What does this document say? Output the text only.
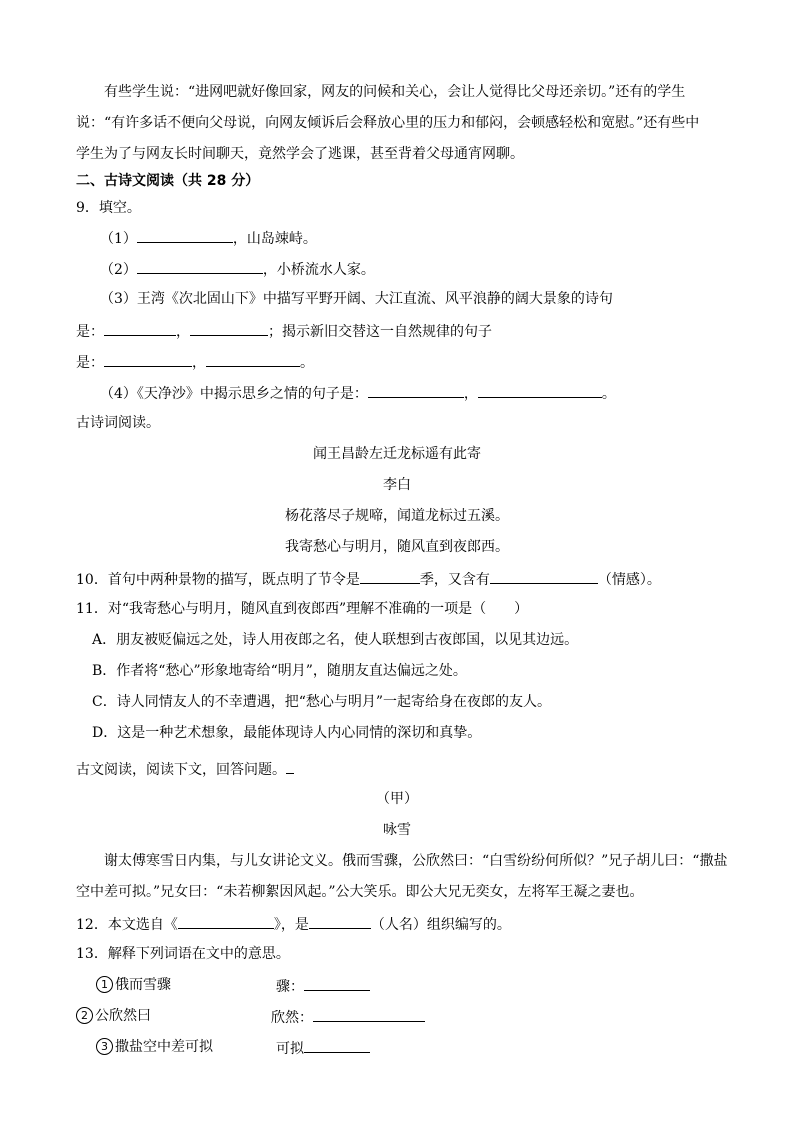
有些学生说：“进网吧就好像回家，网友的问候和关心，会让人觉得比父母还亲切。”还有的学生
说：“有许多话不便向父母说，向网友倾诉后会释放心里的压力和郁闷，会顿感轻松和宽慰。”还有些中
学生为了与网友长时间聊天，竟然学会了逃课，甚至背着父母通宵网聊。
二、古诗文阅读（共 28 分）
9．填空。
（1）	，山岛竦峙。
（2）	，小桥流水人家。
（3）王湾《次北固山下》中描写平野开阔、大江直流、风平浪静的阔大景象的诗句
是：	，	；揭示新旧交替这一自然规律的句子
是：	，	。
（4）《天净沙》中揭示思乡之情的句子是：	，	。
古诗词阅读。
闻王昌龄左迁龙标遥有此寄
李白
杨花落尽子规啼，闻道龙标过五溪。
我寄愁心与明月，随风直到夜郎西。
10．首句中两种景物的描写，既点明了节令是	季，又含有	（情感）。
11．对“我寄愁心与明月，随风直到夜郎西”理解不准确的一项是（　　）
A．朋友被贬偏远之处，诗人用夜郎之名，使人联想到古夜郎国，以见其边远。
B．作者将“愁心”形象地寄给“明月”，随朋友直达偏远之处。
C．诗人同情友人的不幸遭遇，把“愁心与明月”一起寄给身在夜郎的友人。
D．这是一种艺术想象，最能体现诗人内心同情的深切和真挚。
古文阅读，阅读下文，回答问题。
（甲）
咏雪
谢太傅寒雪日内集，与儿女讲论文义。俄而雪骤，公欣然曰：“白雪纷纷何所似？”兄子胡儿曰：“撒盐
空中差可拟。”兄女曰：“未若柳絮因风起。”公大笑乐。即公大兄无奕女，左将军王凝之妻也。
12．本文选自《	》，是	（人名）组织编写的。
13．解释下列词语在文中的意思。
1 俄而雪骤	骤：
2 公欣然曰	欣然：
3 撒盐空中差可拟	可拟
